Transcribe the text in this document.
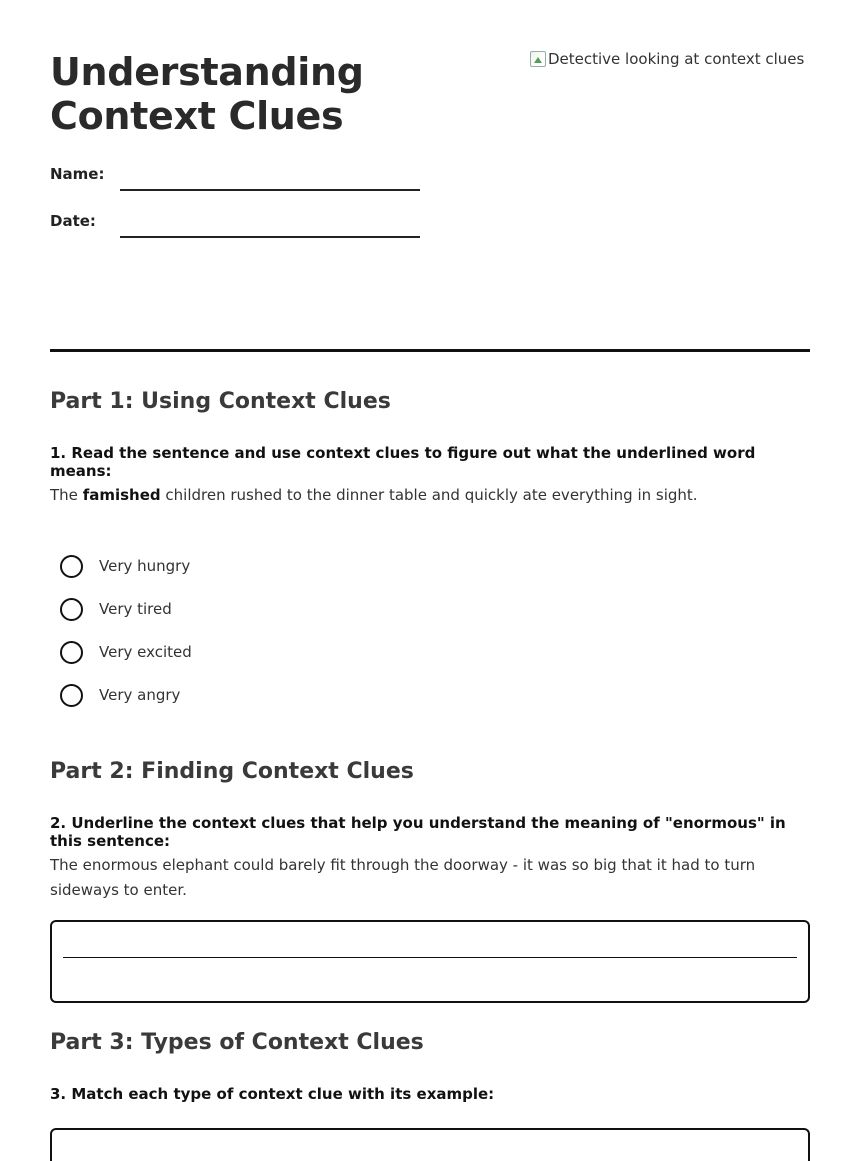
Understanding Context Clues
Detective looking at context clues
Name:
Date:
Part 1: Using Context Clues

1. Read the sentence and use context clues to figure out what the underlined word means:

The famished children rushed to the dinner table and quickly ate everything in sight.

Very hungry
Very tired
Very excited
Very angry
Part 2: Finding Context Clues

2. Underline the context clues that help you understand the meaning of "enormous" in this sentence:

The enormous elephant could barely fit through the doorway - it was so big that it had to turn sideways to enter.

Part 3: Types of Context Clues

3. Match each type of context clue with its example:
